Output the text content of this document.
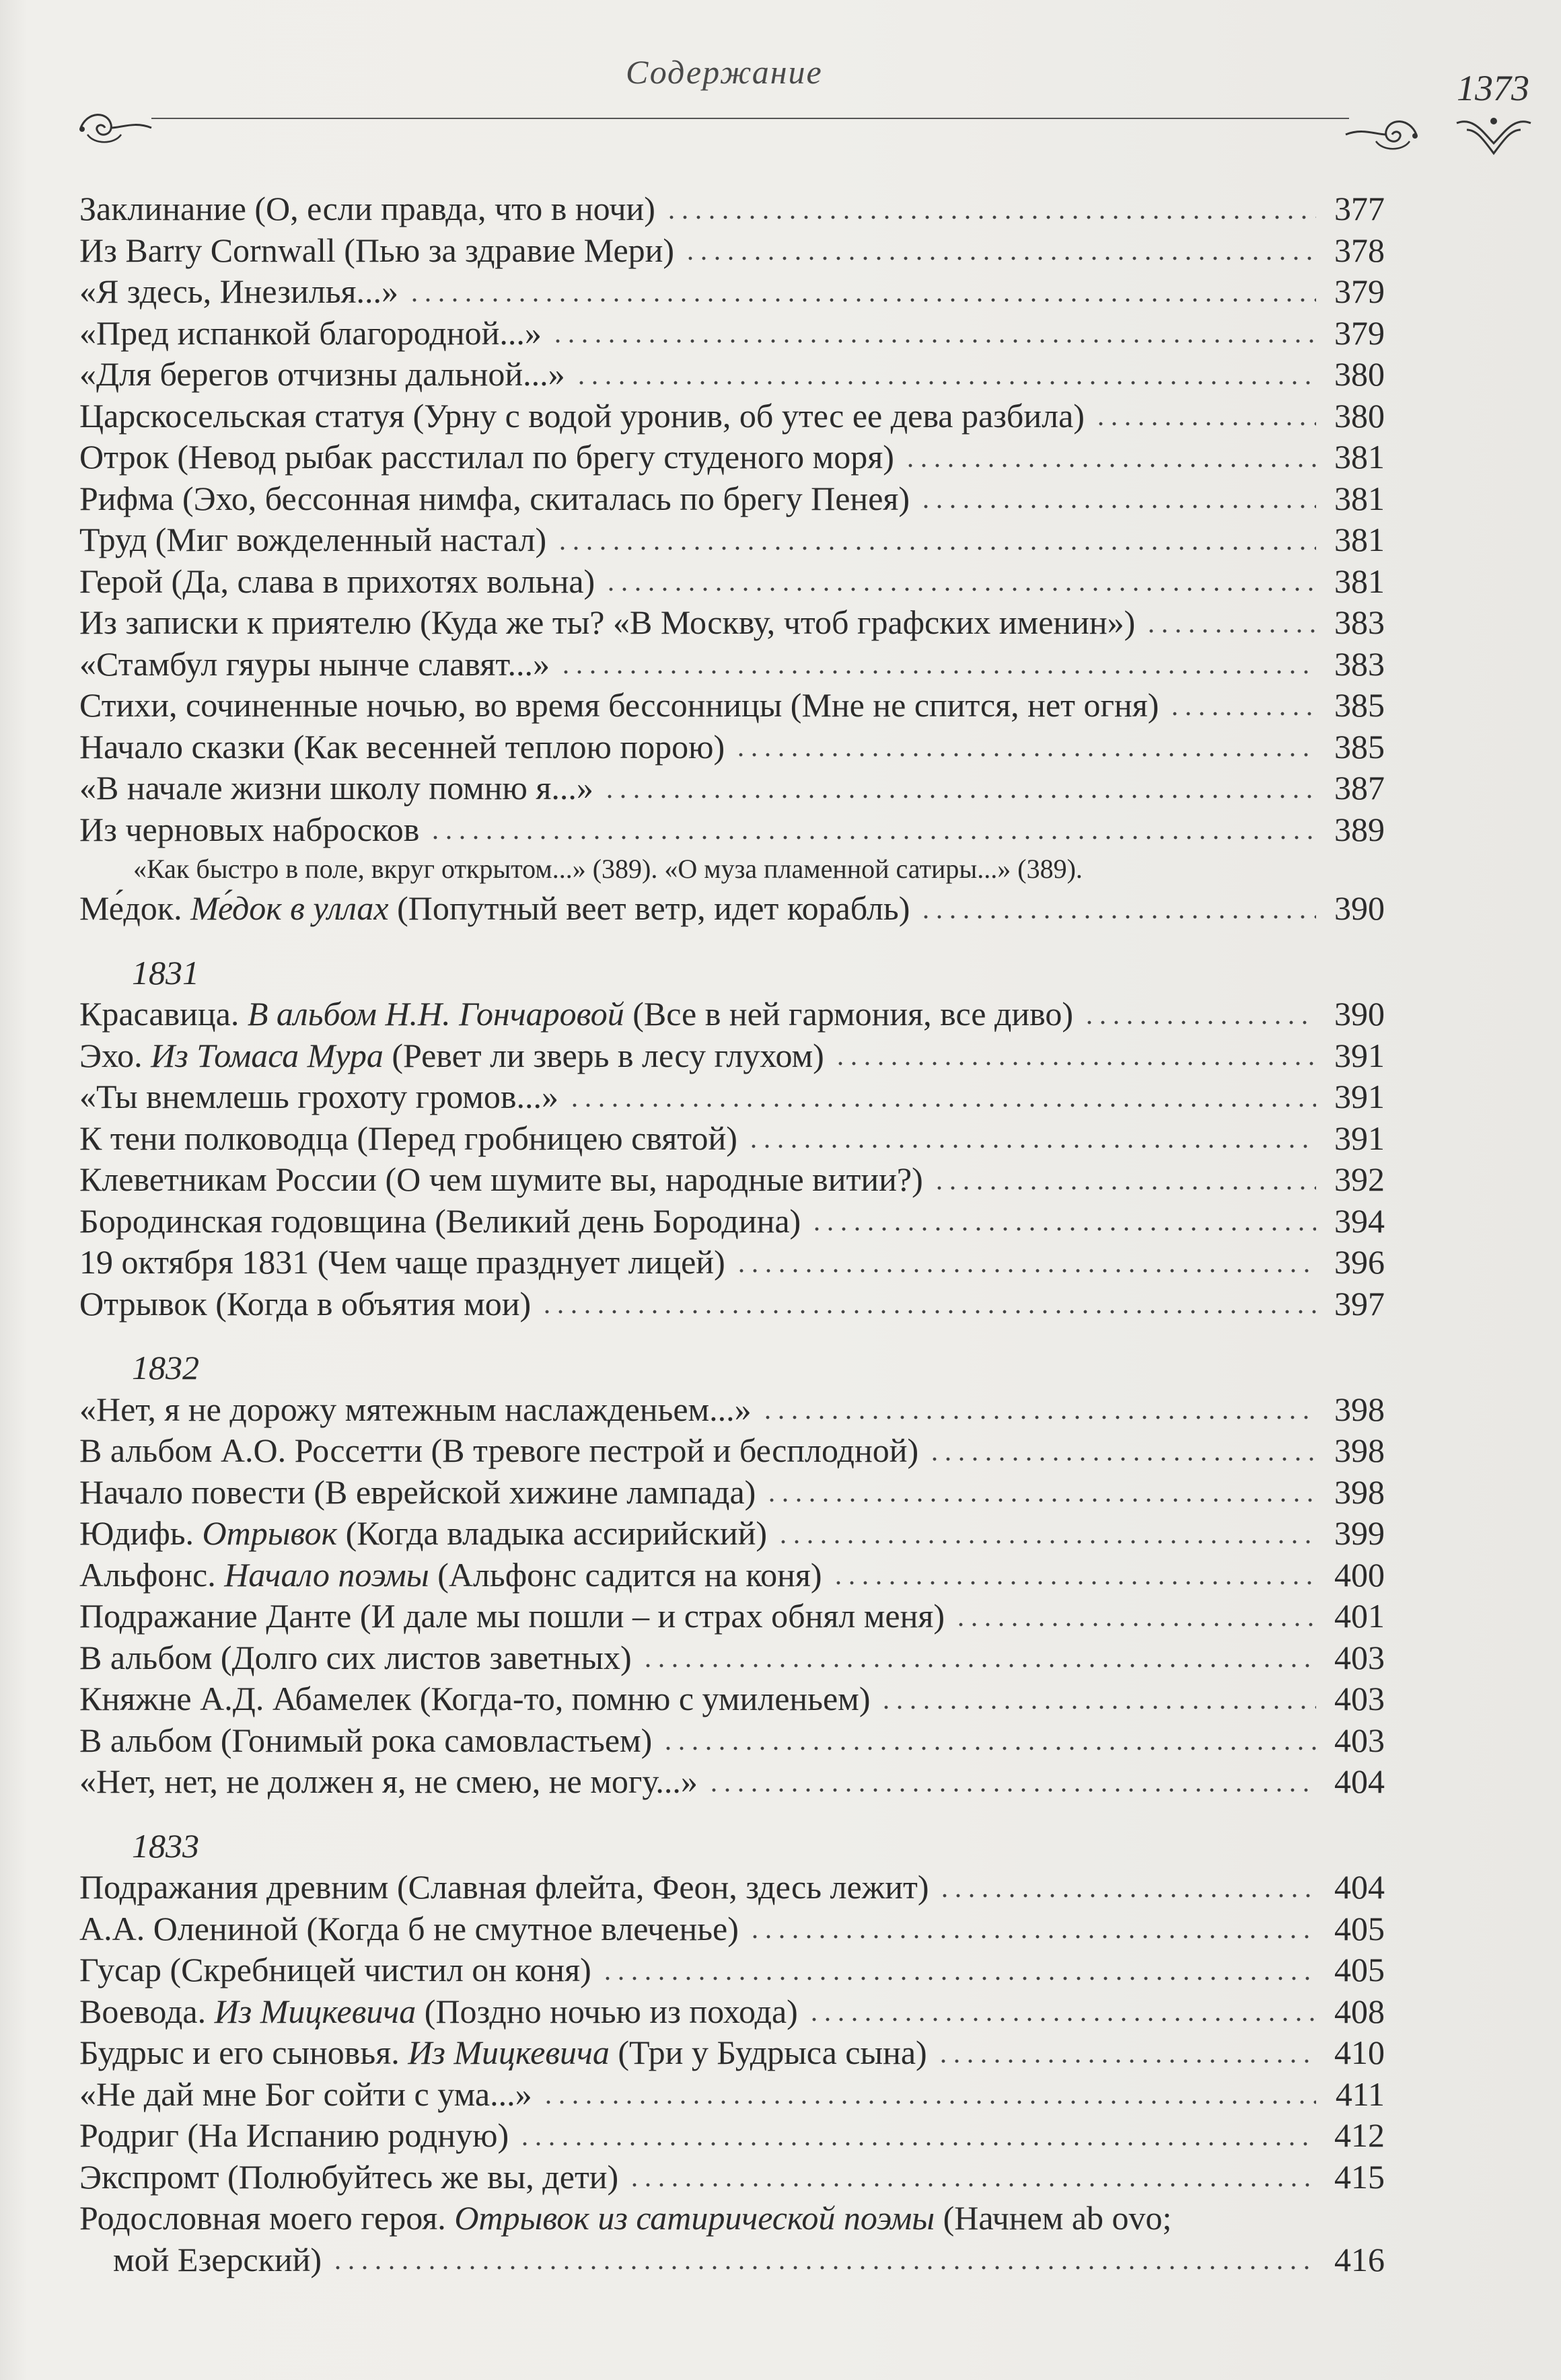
Содержание	1373
Заклинание (О, если правда, что в ночи)	377
Из Barry Cornwall (Пью за здравие Мери)	378
«Я здесь, Инезилья...»	379
«Пред испанкой благородной...»	379
«Для берегов отчизны дальной...»	380
Царскосельская статуя (Урну с водой уронив, об утес ее дева разбила)	380
Отрок (Невод рыбак расстилал по брегу студеного моря)	381
Рифма (Эхо, бессонная нимфа, скиталась по брегу Пенея)	381
Труд (Миг вожделенный настал)	381
Герой (Да, слава в прихотях вольна)	381
Из записки к приятелю (Куда же ты? «В Москву, чтоб графских именин»)	383
«Стамбул гяуры нынче славят...»	383
Стихи, сочиненные ночью, во время бессонницы (Мне не спится, нет огня)	385
Начало сказки (Как весенней теплою порою)	385
«В начале жизни школу помню я...»	387
Из черновых набросков	389
«Как быстро в поле, вкруг открытом...» (389). «О муза пламенной сатиры...» (389).
Ме́док. Ме́док в уллах (Попутный веет ветр, идет корабль)	390
1831
Красавица. В альбом Н.Н. Гончаровой (Все в ней гармония, все диво)	390
Эхо. Из Томаса Мура (Ревет ли зверь в лесу глухом)	391
«Ты внемлешь грохоту громов...»	391
К тени полководца (Перед гробницею святой)	391
Клеветникам России (О чем шумите вы, народные витии?)	392
Бородинская годовщина (Великий день Бородина)	394
19 октября 1831 (Чем чаще празднует лицей)	396
Отрывок (Когда в объятия мои)	397
1832
«Нет, я не дорожу мятежным наслажденьем...»	398
В альбом А.О. Россетти (В тревоге пестрой и бесплодной)	398
Начало повести (В еврейской хижине лампада)	398
Юдифь. Отрывок (Когда владыка ассирийский)	399
Альфонс. Начало поэмы (Альфонс садится на коня)	400
Подражание Данте (И дале мы пошли – и страх обнял меня)	401
В альбом (Долго сих листов заветных)	403
Княжне А.Д. Абамелек (Когда-то, помню с умиленьем)	403
В альбом (Гонимый рока самовластьем)	403
«Нет, нет, не должен я, не смею, не могу...»	404
1833
Подражания древним (Славная флейта, Феон, здесь лежит)	404
А.А. Олениной (Когда б не смутное влеченье)	405
Гусар (Скребницей чистил он коня)	405
Воевода. Из Мицкевича (Поздно ночью из похода)	408
Будрыс и его сыновья. Из Мицкевича (Три у Будрыса сына)	410
«Не дай мне Бог сойти с ума...»	411
Родриг (На Испанию родную)	412
Экспромт (Полюбуйтесь же вы, дети)	415
Родословная моего героя. Отрывок из сатирической поэмы (Начнем ab ovo;
мой Езерский)	416
